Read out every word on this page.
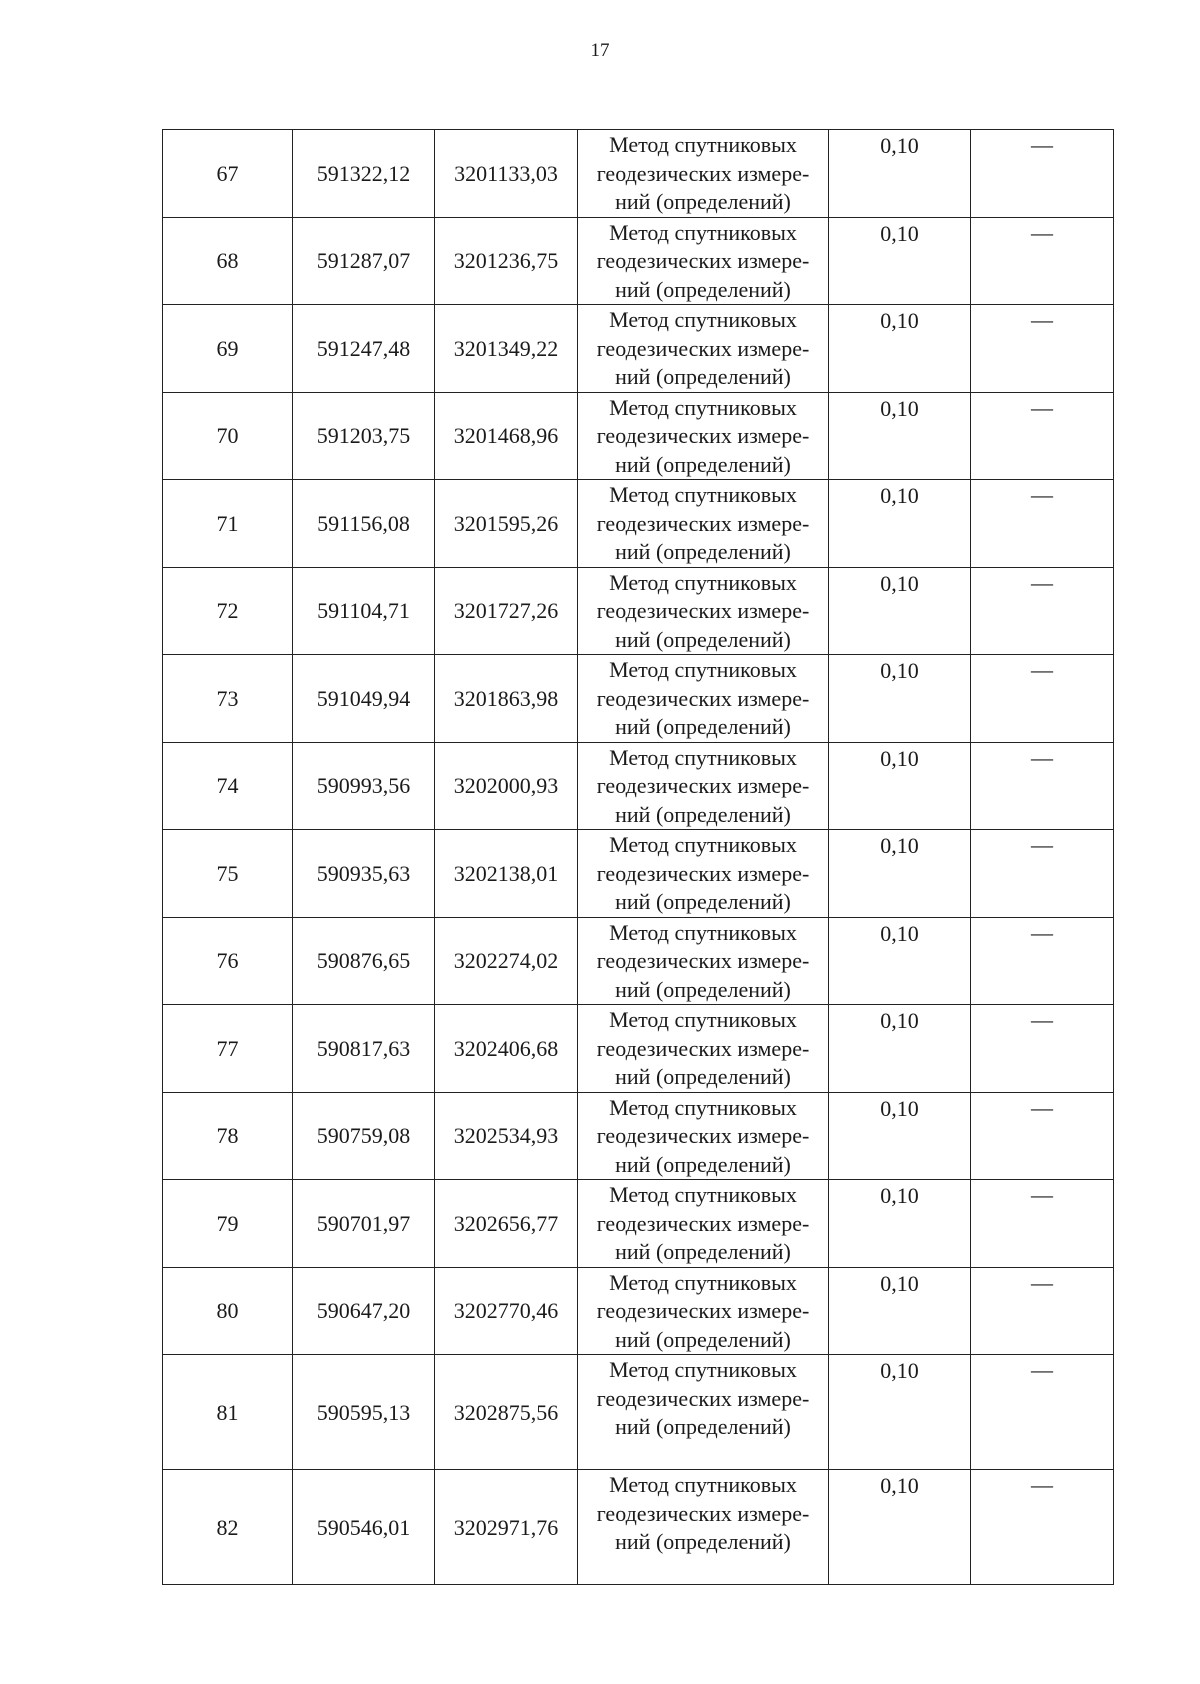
17
67	591322,12	3201133,03	Метод спутниковых
геодезических измере-
ний (определений)	0,10	—
68	591287,07	3201236,75	Метод спутниковых
геодезических измере-
ний (определений)	0,10	—
69	591247,48	3201349,22	Метод спутниковых
геодезических измере-
ний (определений)	0,10	—
70	591203,75	3201468,96	Метод спутниковых
геодезических измере-
ний (определений)	0,10	—
71	591156,08	3201595,26	Метод спутниковых
геодезических измере-
ний (определений)	0,10	—
72	591104,71	3201727,26	Метод спутниковых
геодезических измере-
ний (определений)	0,10	—
73	591049,94	3201863,98	Метод спутниковых
геодезических измере-
ний (определений)	0,10	—
74	590993,56	3202000,93	Метод спутниковых
геодезических измере-
ний (определений)	0,10	—
75	590935,63	3202138,01	Метод спутниковых
геодезических измере-
ний (определений)	0,10	—
76	590876,65	3202274,02	Метод спутниковых
геодезических измере-
ний (определений)	0,10	—
77	590817,63	3202406,68	Метод спутниковых
геодезических измере-
ний (определений)	0,10	—
78	590759,08	3202534,93	Метод спутниковых
геодезических измере-
ний (определений)	0,10	—
79	590701,97	3202656,77	Метод спутниковых
геодезических измере-
ний (определений)	0,10	—
80	590647,20	3202770,46	Метод спутниковых
геодезических измере-
ний (определений)	0,10	—
81	590595,13	3202875,56	Метод спутниковых
геодезических измере-
ний (определений)	0,10	—
82	590546,01	3202971,76	Метод спутниковых
геодезических измере-
ний (определений)	0,10	—
